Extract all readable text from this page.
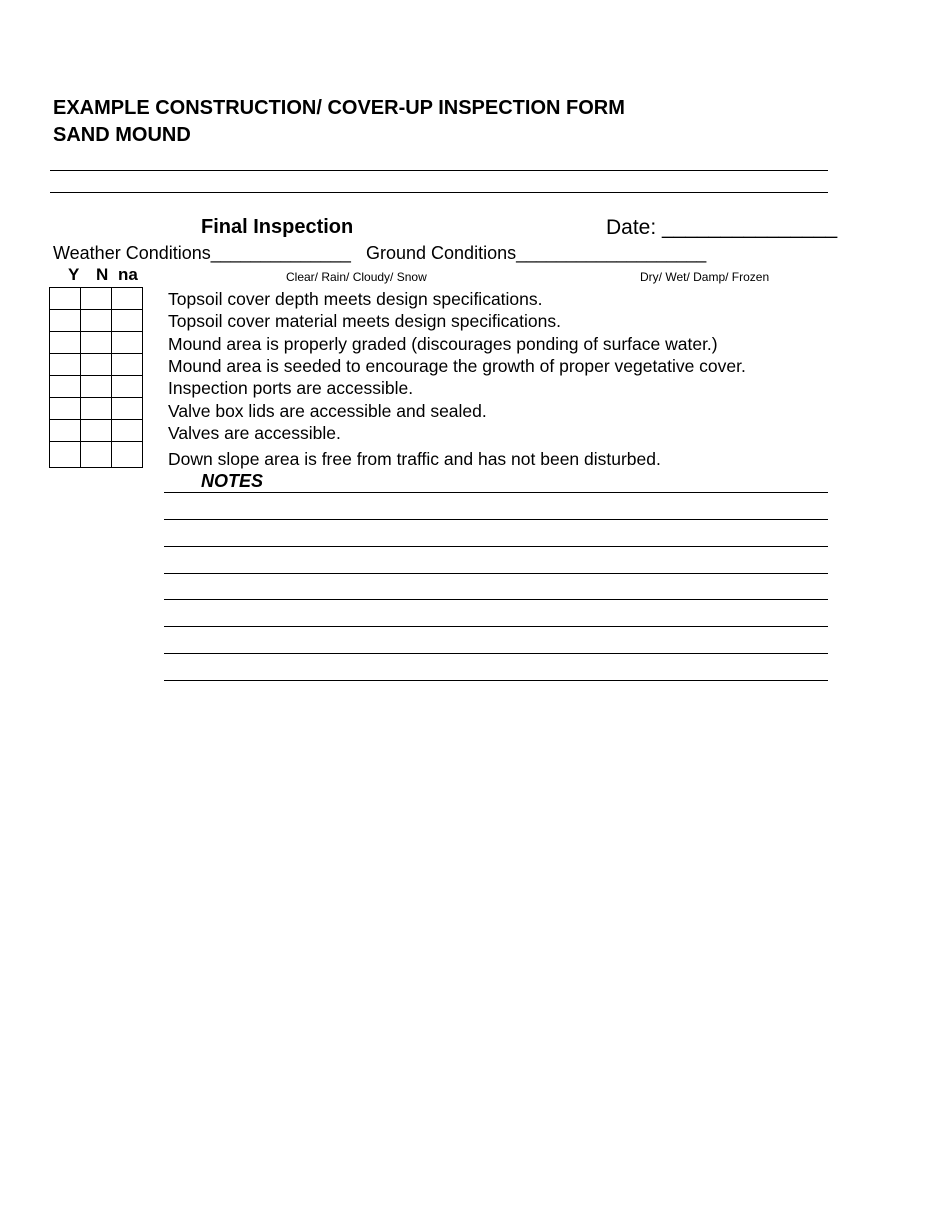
EXAMPLE CONSTRUCTION/ COVER-UP INSPECTION FORM
SAND MOUND
Final Inspection	Date: _______________
Weather Conditions______________ Ground Conditions___________________
Y N na	Clear/ Rain/ Cloudy/ Snow	Dry/ Wet/ Damp/ Frozen

Topsoil cover depth meets design specifications.
Topsoil cover material meets design specifications.
Mound area is properly graded (discourages ponding of surface water.)
Mound area is seeded to encourage the growth of proper vegetative cover.
Inspection ports are accessible.
Valve box lids are accessible and sealed.
Valves are accessible.
Down slope area is free from traffic and has not been disturbed.
NOTES
